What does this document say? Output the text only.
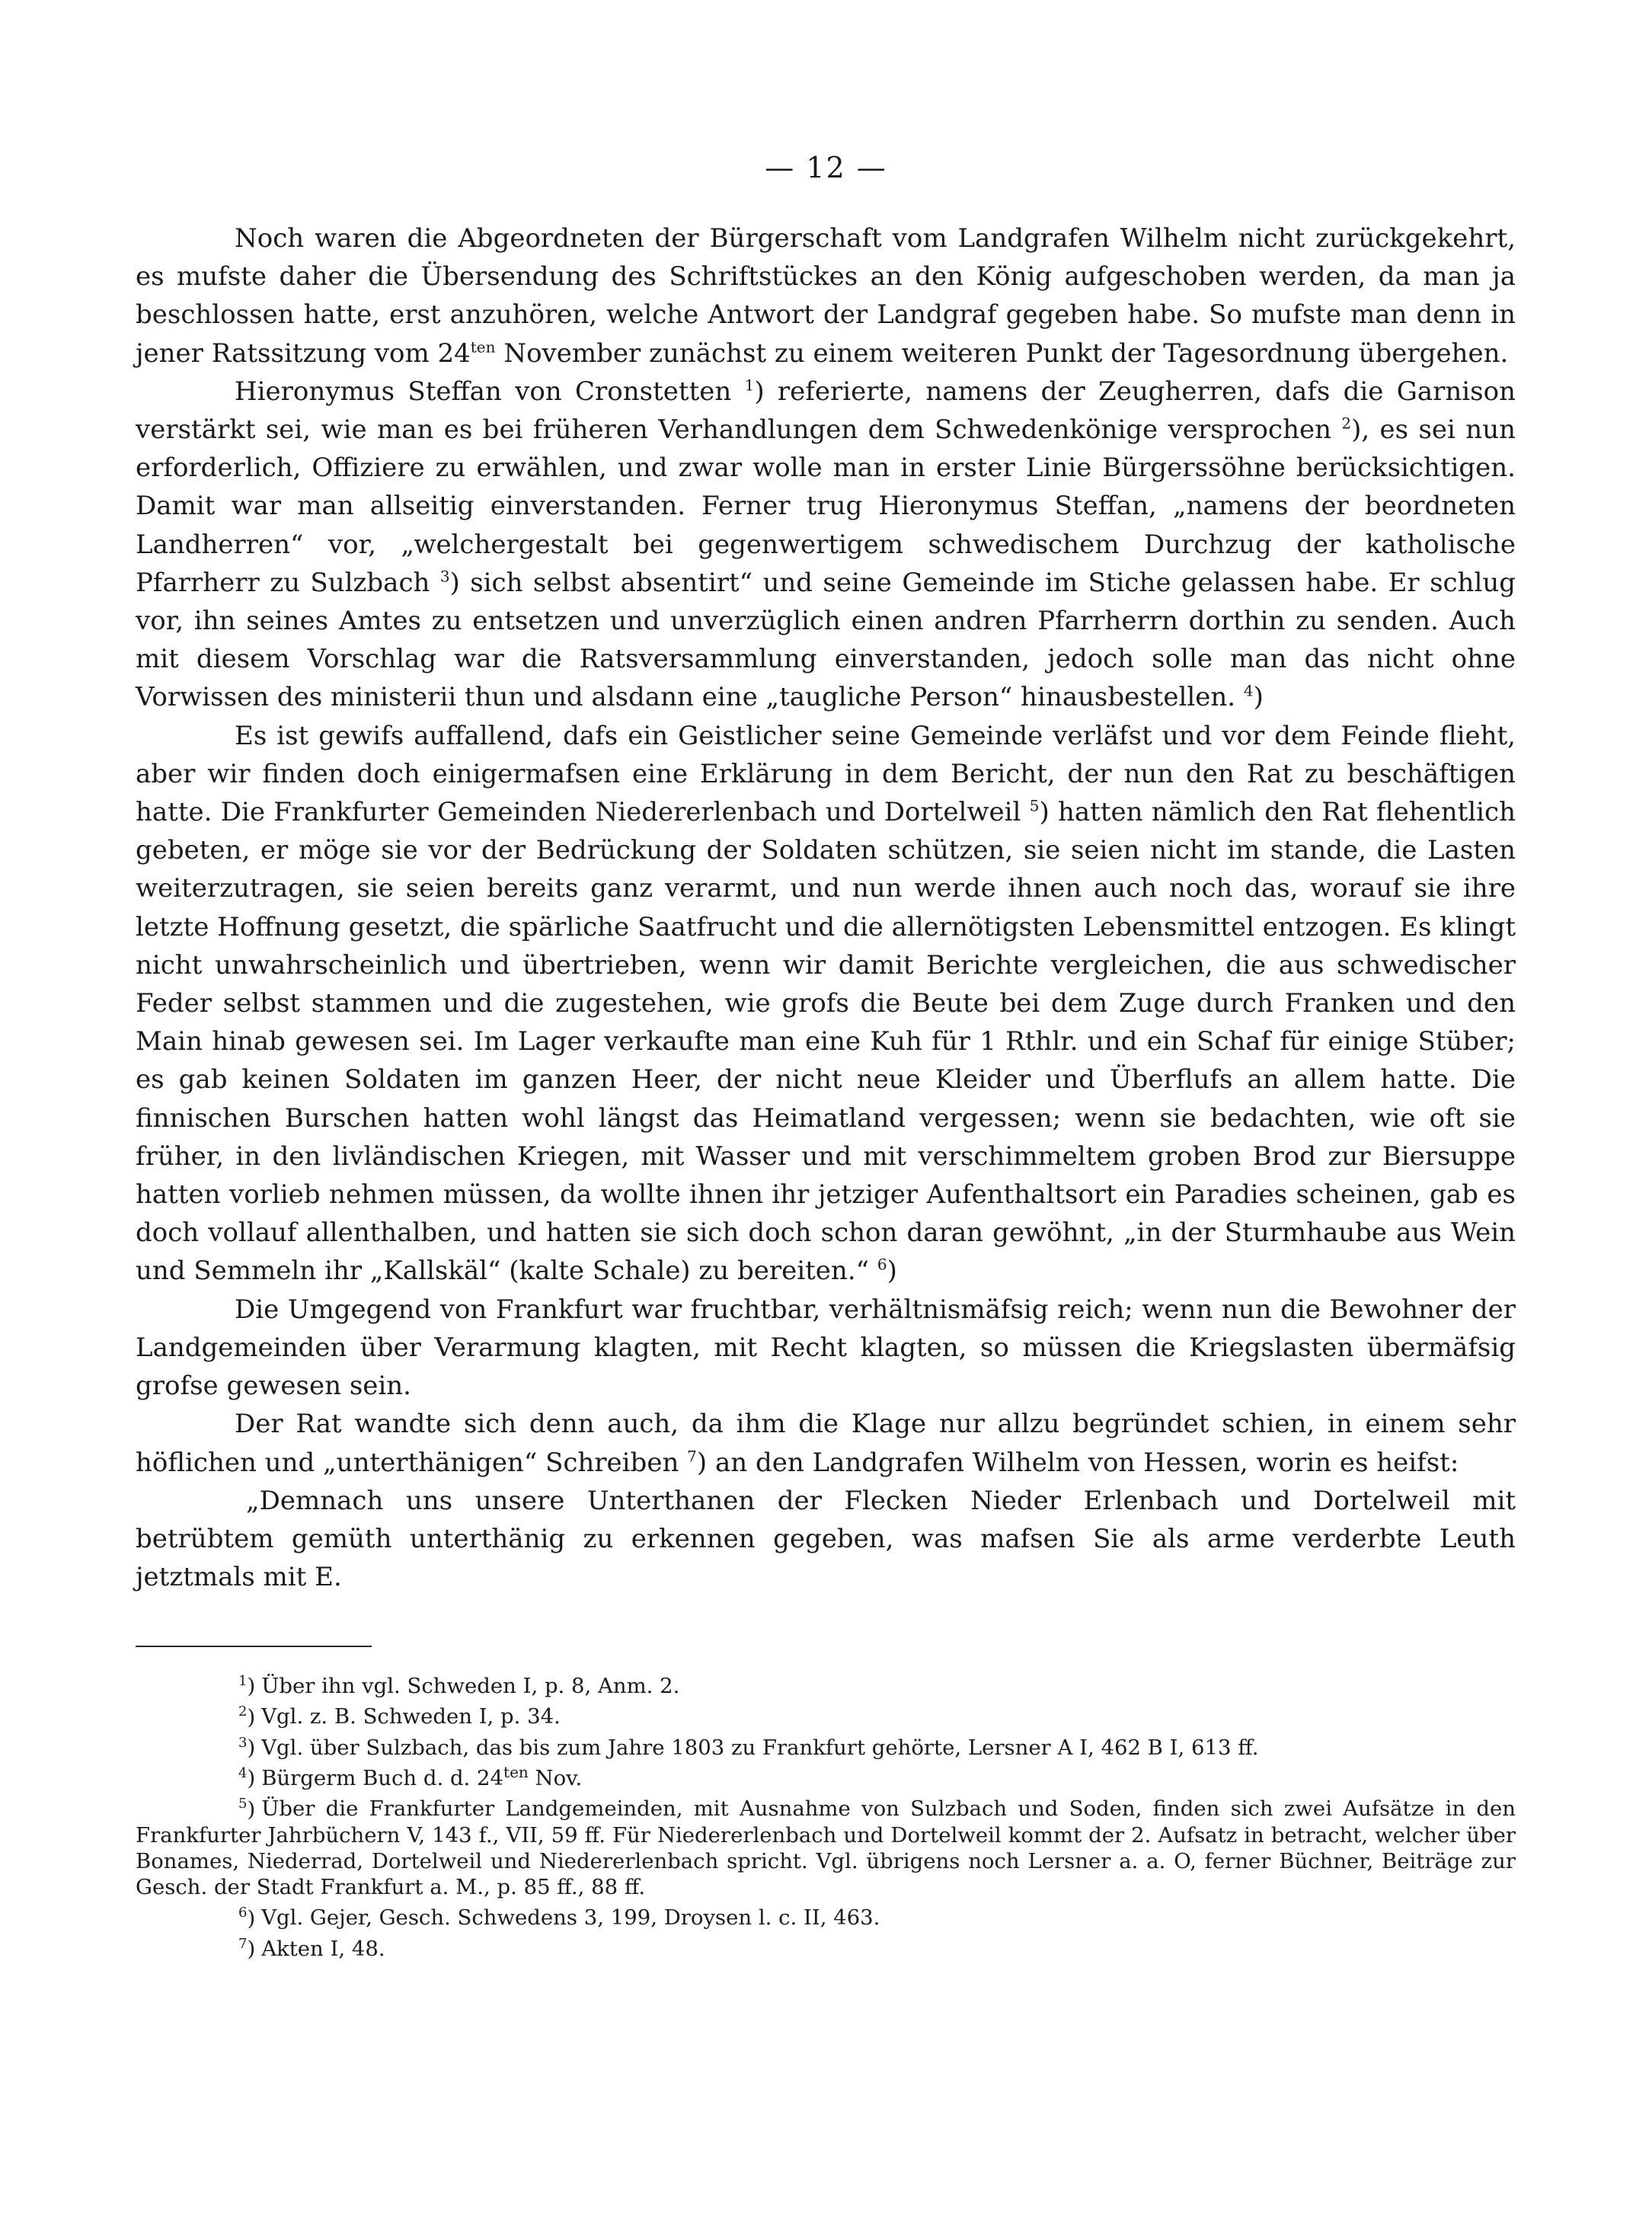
— 12 —

Noch waren die Abgeordneten der Bürgerschaft vom Landgrafen Wilhelm nicht zurückgekehrt, es mufste daher die Übersendung des Schriftstückes an den König aufgeschoben werden, da man ja beschlossen hatte, erst anzuhören, welche Antwort der Landgraf gegeben habe. So mufste man denn in jener Ratssitzung vom 24$^{ten}$ November zunächst zu einem weiteren Punkt der Tagesordnung übergehen.

Hieronymus Steffan von Cronstetten $^1$) referierte, namens der Zeugherren, dafs die Garnison verstärkt sei, wie man es bei früheren Verhandlungen dem Schwedenkönige versprochen $^2$), es sei nun erforderlich, Offiziere zu erwählen, und zwar wolle man in erster Linie Bürgerssöhne berücksichtigen. Damit war man allseitig einverstanden. Ferner trug Hieronymus Steffan, „namens der beordneten Landherren“ vor, „welchergestalt bei gegenwertigem schwedischem Durchzug der katholische Pfarrherr zu Sulzbach $^3$) sich selbst absentirt“ und seine Gemeinde im Stiche gelassen habe. Er schlug vor, ihn seines Amtes zu entsetzen und unverzüglich einen andren Pfarrherrn dorthin zu senden. Auch mit diesem Vorschlag war die Ratsversammlung einverstanden, jedoch solle man das nicht ohne Vorwissen des ministerii thun und alsdann eine „taugliche Person“ hinausbestellen. $^4$)

Es ist gewifs auffallend, dafs ein Geistlicher seine Gemeinde verläfst und vor dem Feinde flieht, aber wir finden doch einigermafsen eine Erklärung in dem Bericht, der nun den Rat zu beschäftigen hatte. Die Frankfurter Gemeinden Niedererlenbach und Dortelweil $^5$) hatten nämlich den Rat flehentlich gebeten, er möge sie vor der Bedrückung der Soldaten schützen, sie seien nicht im stande, die Lasten weiterzutragen, sie seien bereits ganz verarmt, und nun werde ihnen auch noch das, worauf sie ihre letzte Hoffnung gesetzt, die spärliche Saatfrucht und die allernötigsten Lebensmittel entzogen. Es klingt nicht unwahrscheinlich und übertrieben, wenn wir damit Berichte vergleichen, die aus schwedischer Feder selbst stammen und die zugestehen, wie grofs die Beute bei dem Zuge durch Franken und den Main hinab gewesen sei. Im Lager verkaufte man eine Kuh für 1 Rthlr. und ein Schaf für einige Stüber; es gab keinen Soldaten im ganzen Heer, der nicht neue Kleider und Überflufs an allem hatte. Die finnischen Burschen hatten wohl längst das Heimatland vergessen; wenn sie bedachten, wie oft sie früher, in den livländischen Kriegen, mit Wasser und mit verschimmeltem groben Brod zur Biersuppe hatten vorlieb nehmen müssen, da wollte ihnen ihr jetziger Aufenthaltsort ein Paradies scheinen, gab es doch vollauf allenthalben, und hatten sie sich doch schon daran gewöhnt, „in der Sturmhaube aus Wein und Semmeln ihr „Kallskäl“ (kalte Schale) zu bereiten.“ $^6$)

Die Umgegend von Frankfurt war fruchtbar, verhältnismäfsig reich; wenn nun die Bewohner der Landgemeinden über Verarmung klagten, mit Recht klagten, so müssen die Kriegslasten übermäfsig grofse gewesen sein.

Der Rat wandte sich denn auch, da ihm die Klage nur allzu begründet schien, in einem sehr höflichen und „unterthänigen“ Schreiben $^7$) an den Landgrafen Wilhelm von Hessen, worin es heifst:

„Demnach uns unsere Unterthanen der Flecken Nieder Erlenbach und Dortelweil mit betrübtem gemüth unterthänig zu erkennen gegeben, was mafsen Sie als arme verderbte Leuth jetztmals mit E.

$^1$) Über ihn vgl. Schweden I, p. 8, Anm. 2.

$^2$) Vgl. z. B. Schweden I, p. 34.

$^3$) Vgl. über Sulzbach, das bis zum Jahre 1803 zu Frankfurt gehörte, Lersner A I, 462 B I, 613 ff.

$^4$) Bürgerm Buch d. d. 24$^{ten}$ Nov.

$^5$) Über die Frankfurter Landgemeinden, mit Ausnahme von Sulzbach und Soden, finden sich zwei Aufsätze in den Frankfurter Jahrbüchern V, 143 f., VII, 59 ff. Für Niedererlenbach und Dortelweil kommt der 2. Aufsatz in betracht, welcher über Bonames, Niederrad, Dortelweil und Niedererlenbach spricht. Vgl. übrigens noch Lersner a. a. O, ferner Büchner, Beiträge zur Gesch. der Stadt Frankfurt a. M., p. 85 ff., 88 ff.

$^6$) Vgl. Gejer, Gesch. Schwedens 3, 199, Droysen l. c. II, 463.

$^7$) Akten I, 48.
